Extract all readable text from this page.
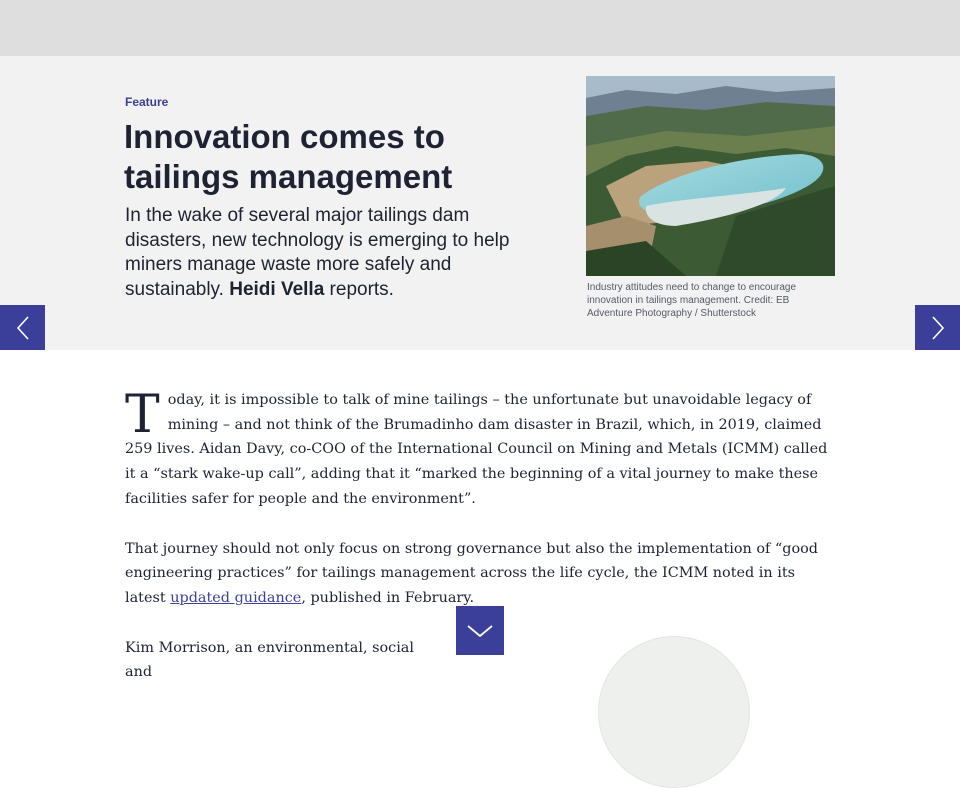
Feature
Innovation comes to tailings management

In the wake of several major tailings dam disasters, new technology is emerging to help miners manage waste more safely and sustainably. Heidi Vella reports.	Industry attitudes need to change to encourage innovation in tailings management. Credit: EB Adventure Photography / Shutterstock

Today, it is impossible to talk of mine tailings – the unfortunate but unavoidable legacy of mining – and not think of the Brumadinho dam disaster in Brazil, which, in 2019, claimed 259 lives. Aidan Davy, co-COO of the International Council on Mining and Metals (ICMM) called it a “stark wake-up call”, adding that it “marked the beginning of a vital journey to make these facilities safer for people and the environment”.

That journey should not only focus on strong governance but also the implementation of “good engineering practices” for tailings management across the life cycle, the ICMM noted in its latest updated guidance, published in February.

Kim Morrison, an environmental, social and
